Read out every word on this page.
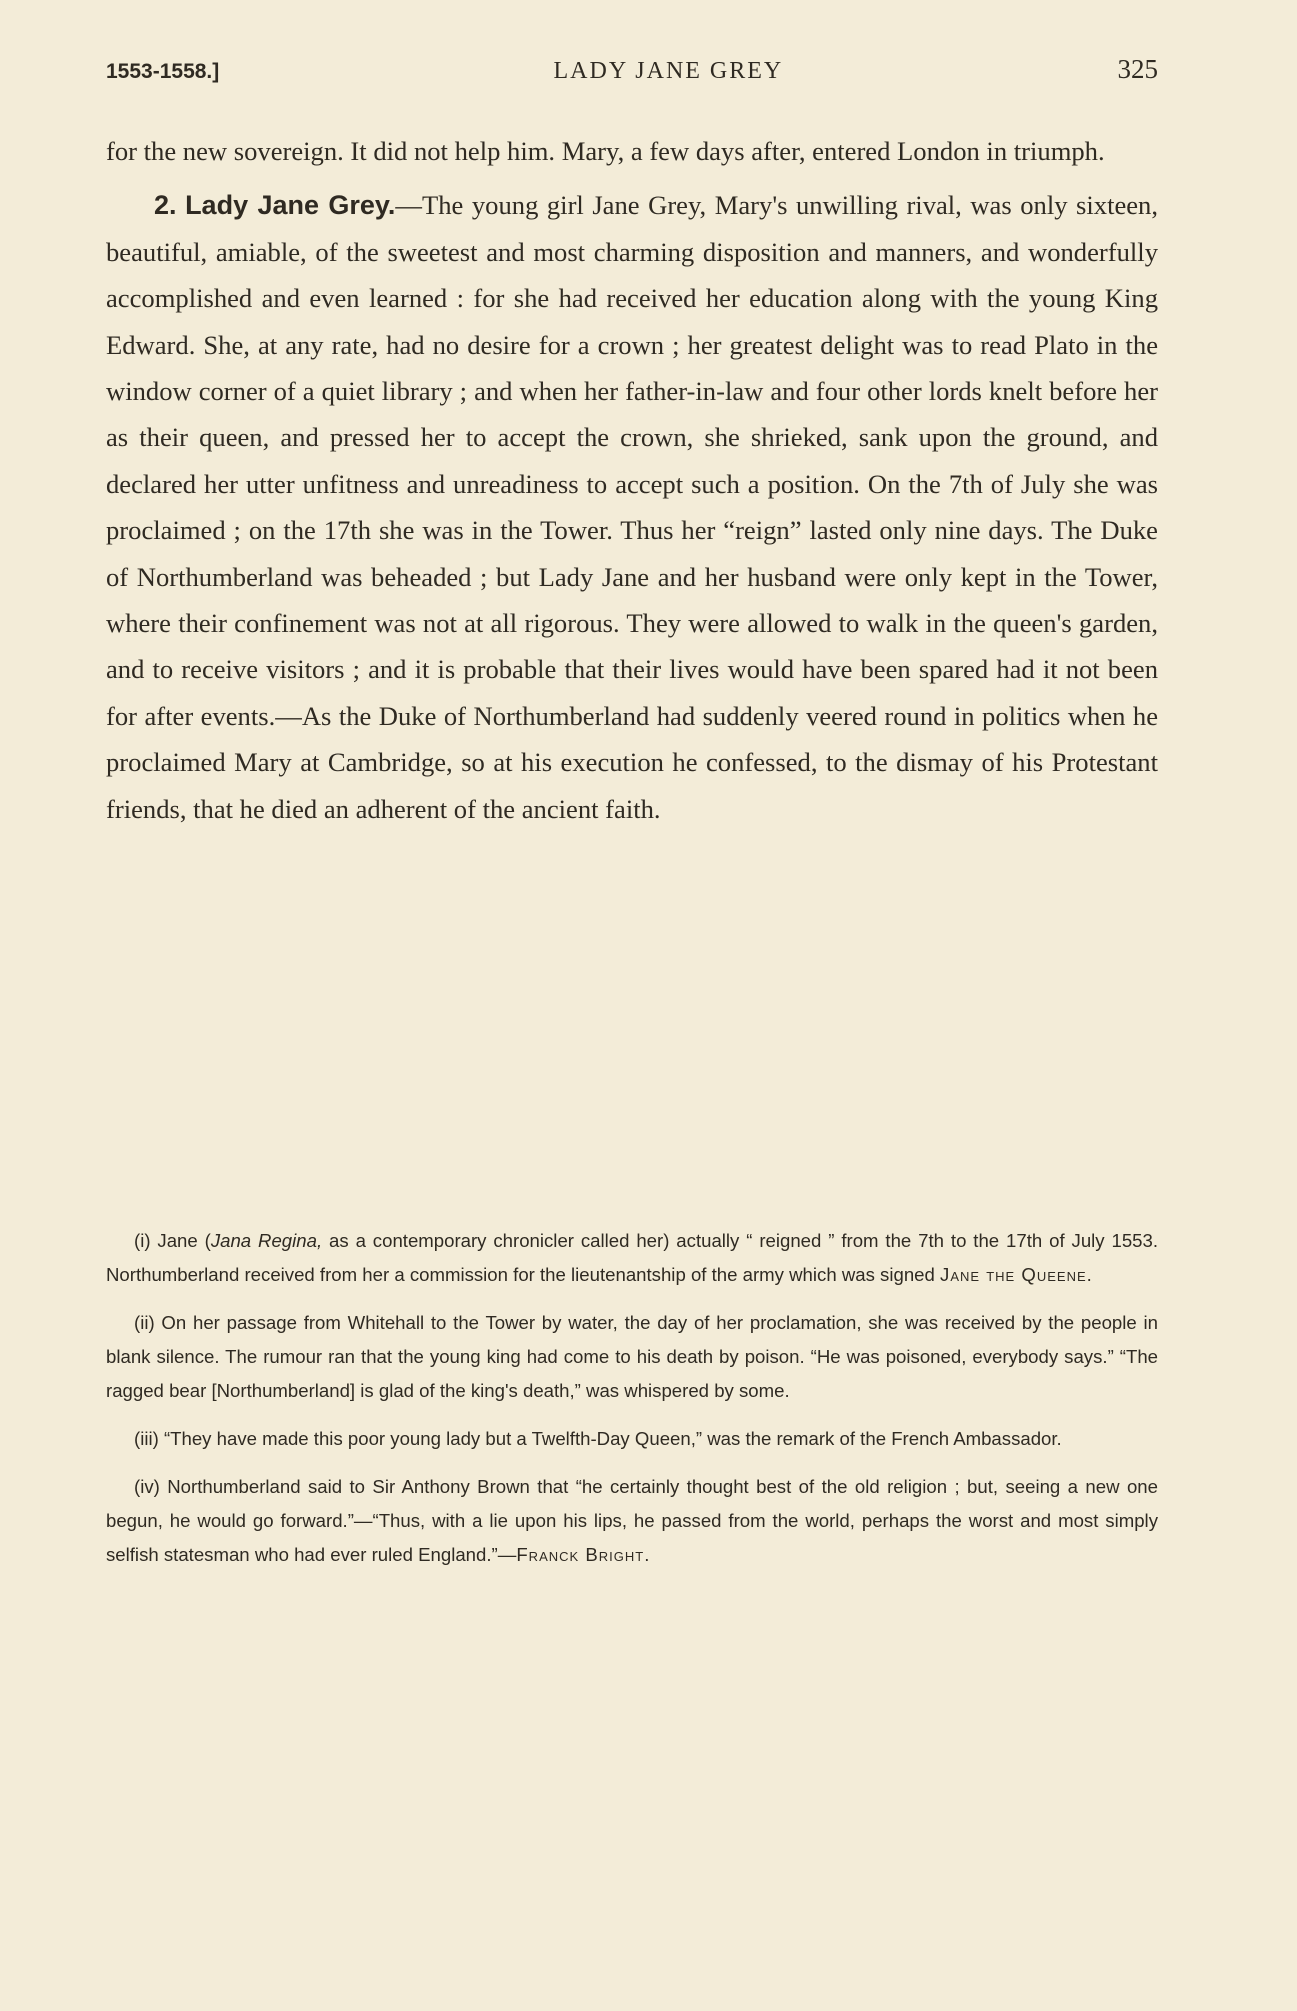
1553-1558.]	LADY JANE GREY	325

for the new sovereign. It did not help him. Mary, a few days after, entered London in triumph.

2. Lady Jane Grey.—The young girl Jane Grey, Mary's unwilling rival, was only sixteen, beautiful, amiable, of the sweetest and most charming disposition and manners, and wonderfully accomplished and even learned : for she had received her education along with the young King Edward. She, at any rate, had no desire for a crown ; her greatest delight was to read Plato in the window corner of a quiet library ; and when her father-in-law and four other lords knelt before her as their queen, and pressed her to accept the crown, she shrieked, sank upon the ground, and declared her utter unfitness and unreadiness to accept such a position. On the 7th of July she was proclaimed ; on the 17th she was in the Tower. Thus her “reign” lasted only nine days. The Duke of Northumberland was beheaded ; but Lady Jane and her husband were only kept in the Tower, where their confinement was not at all rigorous. They were allowed to walk in the queen's garden, and to receive visitors ; and it is probable that their lives would have been spared had it not been for after events.—As the Duke of Northumberland had suddenly veered round in politics when he proclaimed Mary at Cambridge, so at his execution he confessed, to the dismay of his Protestant friends, that he died an adherent of the ancient faith.

(i) Jane (Jana Regina, as a contemporary chronicler called her) actually “ reigned ” from the 7th to the 17th of July 1553. Northumberland received from her a commission for the lieutenantship of the army which was signed Jane the Queene.

(ii) On her passage from Whitehall to the Tower by water, the day of her proclamation, she was received by the people in blank silence. The rumour ran that the young king had come to his death by poison. “He was poisoned, everybody says.” “The ragged bear [Northumberland] is glad of the king's death,” was whispered by some.

(iii) “They have made this poor young lady but a Twelfth-Day Queen,” was the remark of the French Ambassador.

(iv) Northumberland said to Sir Anthony Brown that “he certainly thought best of the old religion ; but, seeing a new one begun, he would go forward.”—“Thus, with a lie upon his lips, he passed from the world, perhaps the worst and most simply selfish statesman who had ever ruled England.”—Franck Bright.
